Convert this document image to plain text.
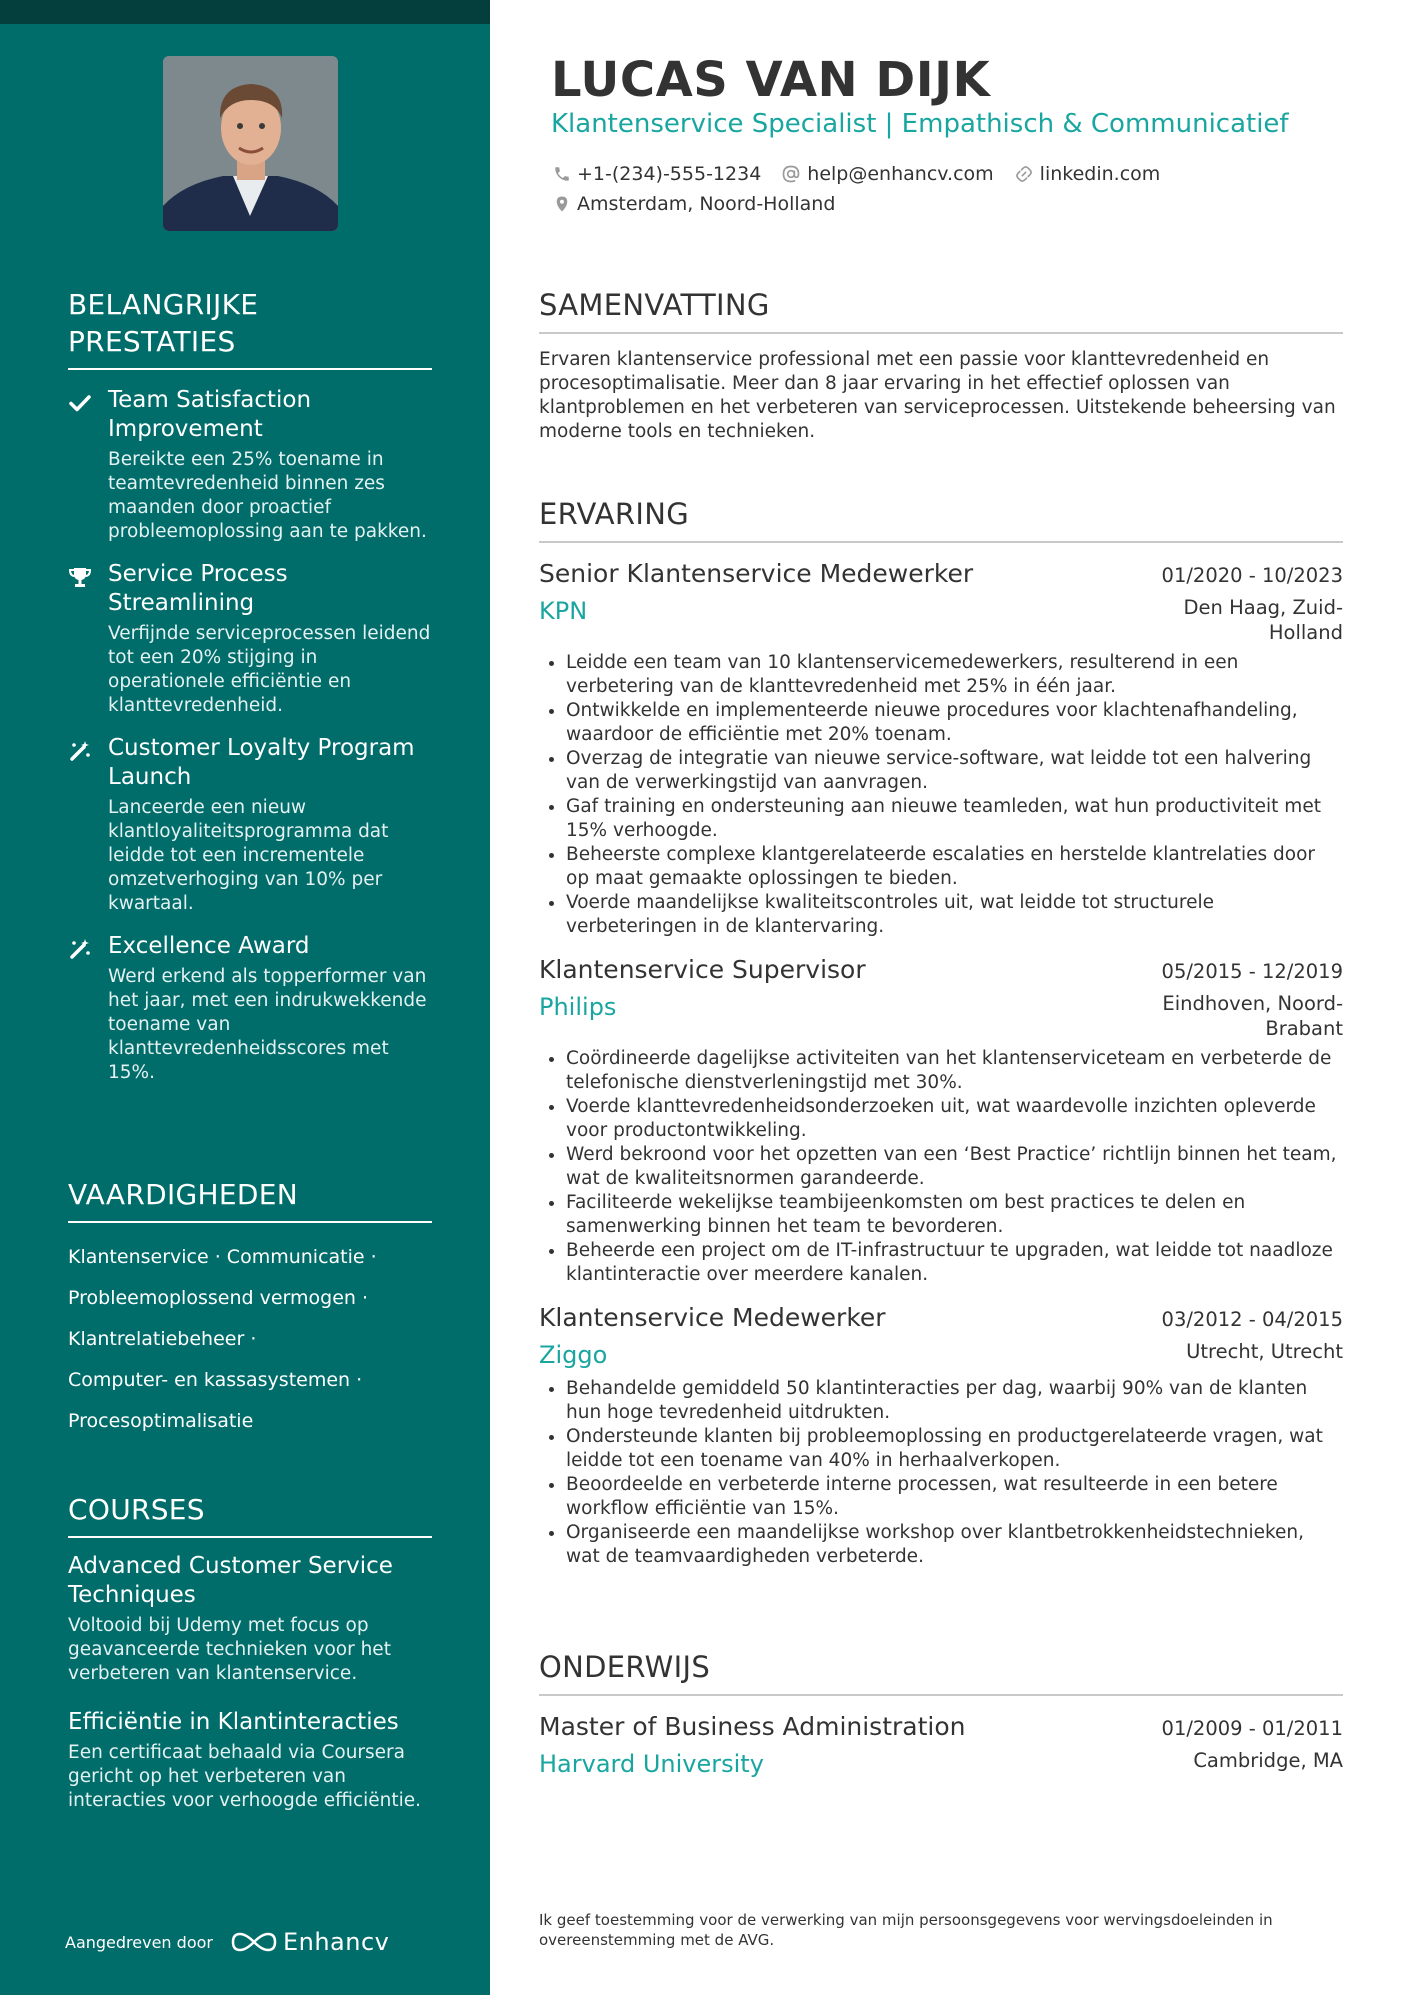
BELANGRIJKE PRESTATIES
Team Satisfaction Improvement
Bereikte een 25% toename in teamtevredenheid binnen zes maanden door proactief probleemoplossing aan te pakken.
Service Process Streamlining
Verfijnde serviceprocessen leidend tot een 20% stijging in operationele efficiëntie en klanttevredenheid.
Customer Loyalty Program Launch
Lanceerde een nieuw klantloyaliteitsprogramma dat leidde tot een incrementele omzetverhoging van 10% per kwartaal.
Excellence Award
Werd erkend als topperformer van het jaar, met een indrukwekkende toename van klanttevredenheidsscores met 15%.
VAARDIGHEDEN
Klantenservice · Communicatie ·
Probleemoplossend vermogen ·
Klantrelatiebeheer ·
Computer- en kassasystemen ·
Procesoptimalisatie
COURSES
Advanced Customer Service Techniques
Voltooid bij Udemy met focus op geavanceerde technieken voor het verbeteren van klantenservice.
Efficiëntie in Klantinteracties
Een certificaat behaald via Coursera gericht op het verbeteren van interacties voor verhoogde efficiëntie.
Aangedreven door	Enhancv
LUCAS VAN DIJK
Klantenservice Specialist | Empathisch & Communicatief
+1-(234)-555-1234 help@enhancv.com linkedin.com
Amsterdam, Noord-Holland
SAMENVATTING
Ervaren klantenservice professional met een passie voor klanttevredenheid en procesoptimalisatie. Meer dan 8 jaar ervaring in het effectief oplossen van klantproblemen en het verbeteren van serviceprocessen. Uitstekende beheersing van moderne tools en technieken.
ERVARING
Senior Klantenservice Medewerker	01/2020 - 10/2023
KPN	Den Haag, Zuid-Holland
• Leidde een team van 10 klantenservicemedewerkers, resulterend in een verbetering van de klanttevredenheid met 25% in één jaar.
• Ontwikkelde en implementeerde nieuwe procedures voor klachtenafhandeling, waardoor de efficiëntie met 20% toenam.
• Overzag de integratie van nieuwe service-software, wat leidde tot een halvering van de verwerkingstijd van aanvragen.
• Gaf training en ondersteuning aan nieuwe teamleden, wat hun productiviteit met 15% verhoogde.
• Beheerste complexe klantgerelateerde escalaties en herstelde klantrelaties door op maat gemaakte oplossingen te bieden.
• Voerde maandelijkse kwaliteitscontroles uit, wat leidde tot structurele verbeteringen in de klantervaring.
Klantenservice Supervisor	05/2015 - 12/2019
Philips	Eindhoven, Noord-Brabant
• Coördineerde dagelijkse activiteiten van het klantenserviceteam en verbeterde de telefonische dienstverleningstijd met 30%.
• Voerde klanttevredenheidsonderzoeken uit, wat waardevolle inzichten opleverde voor productontwikkeling.
• Werd bekroond voor het opzetten van een ‘Best Practice’ richtlijn binnen het team, wat de kwaliteitsnormen garandeerde.
• Faciliteerde wekelijkse teambijeenkomsten om best practices te delen en samenwerking binnen het team te bevorderen.
• Beheerde een project om de IT-infrastructuur te upgraden, wat leidde tot naadloze klantinteractie over meerdere kanalen.
Klantenservice Medewerker	03/2012 - 04/2015
Ziggo	Utrecht, Utrecht
• Behandelde gemiddeld 50 klantinteracties per dag, waarbij 90% van de klanten hun hoge tevredenheid uitdrukten.
• Ondersteunde klanten bij probleemoplossing en productgerelateerde vragen, wat leidde tot een toename van 40% in herhaalverkopen.
• Beoordeelde en verbeterde interne processen, wat resulteerde in een betere workflow efficiëntie van 15%.
• Organiseerde een maandelijkse workshop over klantbetrokkenheidstechnieken, wat de teamvaardigheden verbeterde.
ONDERWIJS
Master of Business Administration	01/2009 - 01/2011
Harvard University	Cambridge, MA
Ik geef toestemming voor de verwerking van mijn persoonsgegevens voor wervingsdoeleinden in overeenstemming met de AVG.
